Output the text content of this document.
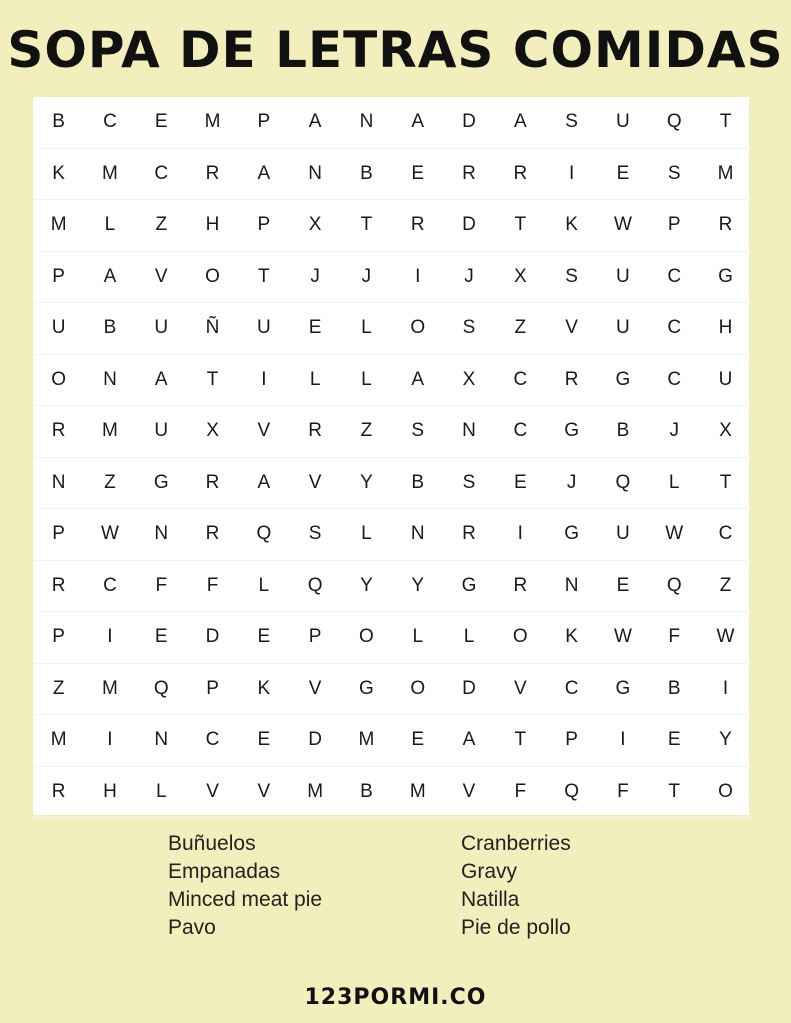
SOPA DE LETRAS COMIDAS
B	C	E	M	P	A	N	A	D	A	S	U	Q	T
K	M	C	R	A	N	B	E	R	R	I	E	S	M
M	L	Z	H	P	X	T	R	D	T	K	W	P	R
P	A	V	O	T	J	J	I	J	X	S	U	C	G
U	B	U	Ñ	U	E	L	O	S	Z	V	U	C	H
O	N	A	T	I	L	L	A	X	C	R	G	C	U
R	M	U	X	V	R	Z	S	N	C	G	B	J	X
N	Z	G	R	A	V	Y	B	S	E	J	Q	L	T
P	W	N	R	Q	S	L	N	R	I	G	U	W	C
R	C	F	F	L	Q	Y	Y	G	R	N	E	Q	Z
P	I	E	D	E	P	O	L	L	O	K	W	F	W
Z	M	Q	P	K	V	G	O	D	V	C	G	B	I
M	I	N	C	E	D	M	E	A	T	P	I	E	Y
R	H	L	V	V	M	B	M	V	F	Q	F	T	O
Buñuelos
Empanadas
Minced meat pie
Pavo
Cranberries
Gravy
Natilla
Pie de pollo
123PORMI.CO
